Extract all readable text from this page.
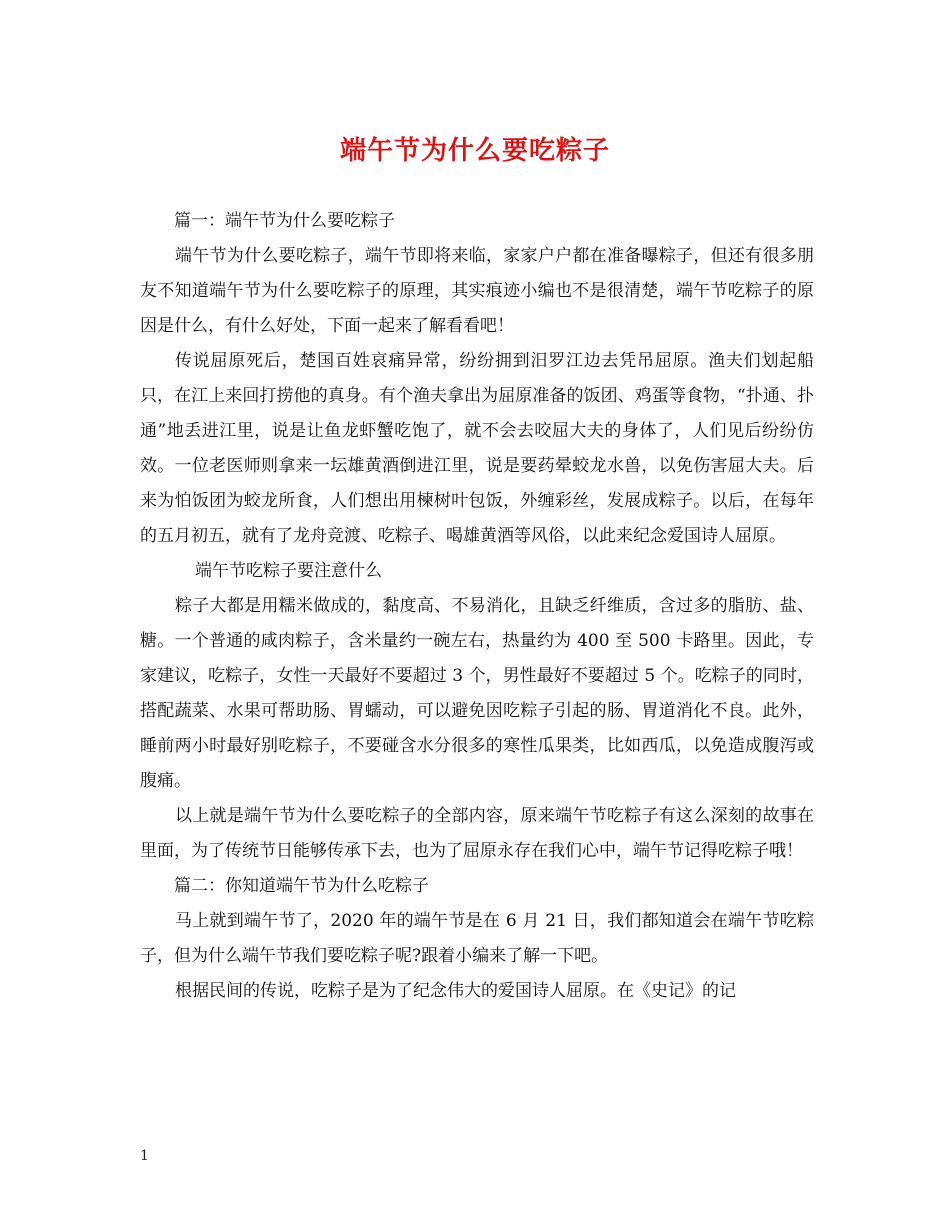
端午节为什么要吃粽子

篇一：端午节为什么要吃粽子

端午节为什么要吃粽子，端午节即将来临，家家户户都在准备曝粽子，但还有很多朋友不知道端午节为什么要吃粽子的原理，其实痕迹小编也不是很清楚，端午节吃粽子的原因是什么，有什么好处，下面一起来了解看看吧！

传说屈原死后，楚国百姓哀痛异常，纷纷拥到汨罗江边去凭吊屈原。渔夫们划起船只，在江上来回打捞他的真身。有个渔夫拿出为屈原准备的饭团、鸡蛋等食物，“扑通、扑通”地丢进江里，说是让鱼龙虾蟹吃饱了，就不会去咬屈大夫的身体了，人们见后纷纷仿效。一位老医师则拿来一坛雄黄酒倒进江里，说是要药晕蛟龙水兽，以免伤害屈大夫。后来为怕饭团为蛟龙所食，人们想出用楝树叶包饭，外缠彩丝，发展成粽子。以后，在每年的五月初五，就有了龙舟竞渡、吃粽子、喝雄黄酒等风俗，以此来纪念爱国诗人屈原。

端午节吃粽子要注意什么

粽子大都是用糯米做成的，黏度高、不易消化，且缺乏纤维质，含过多的脂肪、盐、糖。一个普通的咸肉粽子，含米量约一碗左右，热量约为 400 至 500 卡路里。因此，专家建议，吃粽子，女性一天最好不要超过 3 个，男性最好不要超过 5 个。吃粽子的同时，搭配蔬菜、水果可帮助肠、胃蠕动，可以避免因吃粽子引起的肠、胃道消化不良。此外，睡前两小时最好别吃粽子，不要碰含水分很多的寒性瓜果类，比如西瓜，以免造成腹泻或腹痛。

以上就是端午节为什么要吃粽子的全部内容，原来端午节吃粽子有这么深刻的故事在里面，为了传统节日能够传承下去，也为了屈原永存在我们心中，端午节记得吃粽子哦！

篇二：你知道端午节为什么吃粽子

马上就到端午节了，2020 年的端午节是在 6 月 21 日，我们都知道会在端午节吃粽子，但为什么端午节我们要吃粽子呢?跟着小编来了解一下吧。

根据民间的传说，吃粽子是为了纪念伟大的爱国诗人屈原。在《史记》的记

1
